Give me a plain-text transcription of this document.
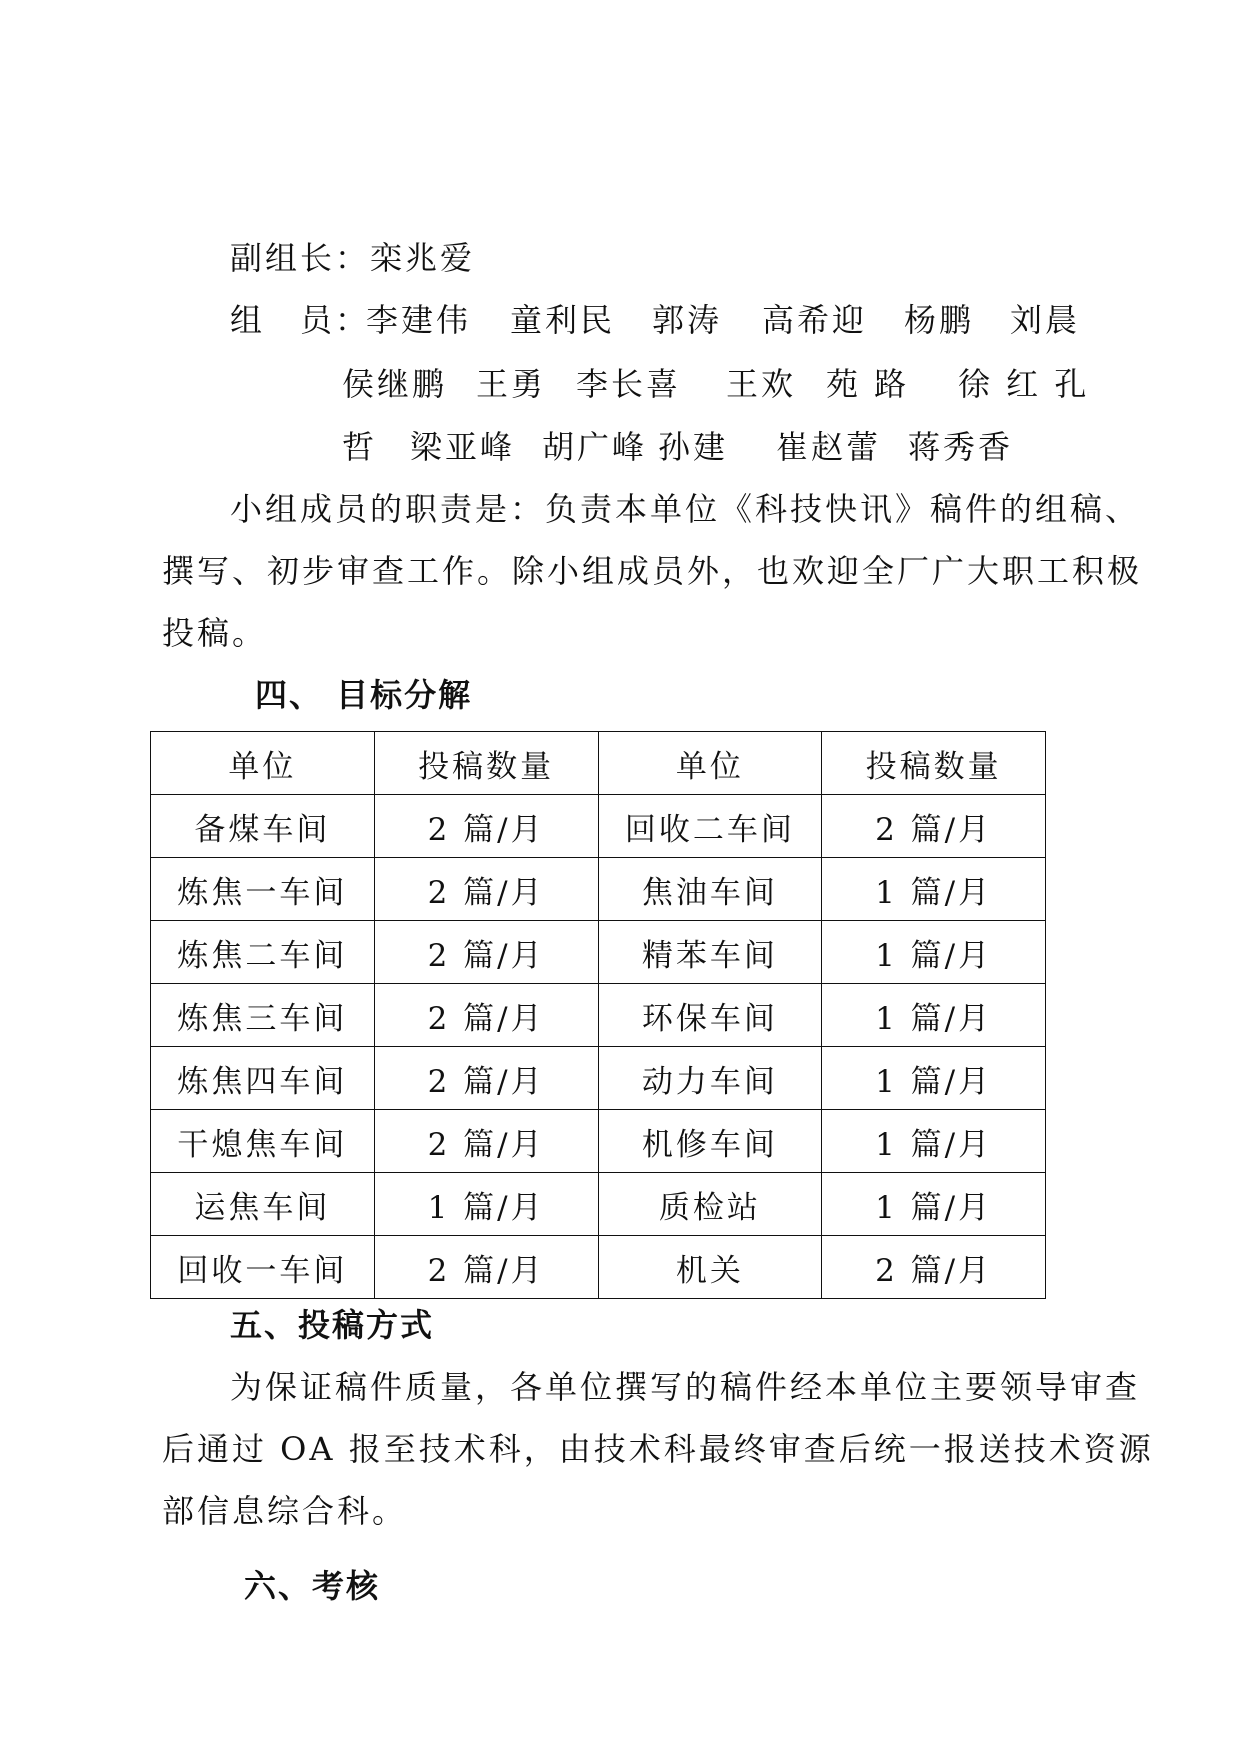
副组长：栾兆爱
组　员：
李建伟 童利民 郭涛 高希迎 杨鹏 刘晨
侯继鹏 王勇 李长喜 王欢 苑 路 徐 红 孔
哲 梁亚峰 胡广峰 孙建 崔赵蕾 蒋秀香
小组成员的职责是：负责本单位《科技快讯》稿件的组稿、
撰写、初步审查工作。除小组成员外，也欢迎全厂广大职工积极
投稿。
四、 目标分解
单位	投稿数量	单位	投稿数量
备煤车间	2 篇/月	回收二车间	2 篇/月
炼焦一车间	2 篇/月	焦油车间	1 篇/月
炼焦二车间	2 篇/月	精苯车间	1 篇/月
炼焦三车间	2 篇/月	环保车间	1 篇/月
炼焦四车间	2 篇/月	动力车间	1 篇/月
干熄焦车间	2 篇/月	机修车间	1 篇/月
运焦车间	1 篇/月	质检站	1 篇/月
回收一车间	2 篇/月	机关	2 篇/月
五、投稿方式
为保证稿件质量，各单位撰写的稿件经本单位主要领导审查
后通过 OA 报至技术科，由技术科最终审查后统一报送技术资源
部信息综合科。
六、考核
